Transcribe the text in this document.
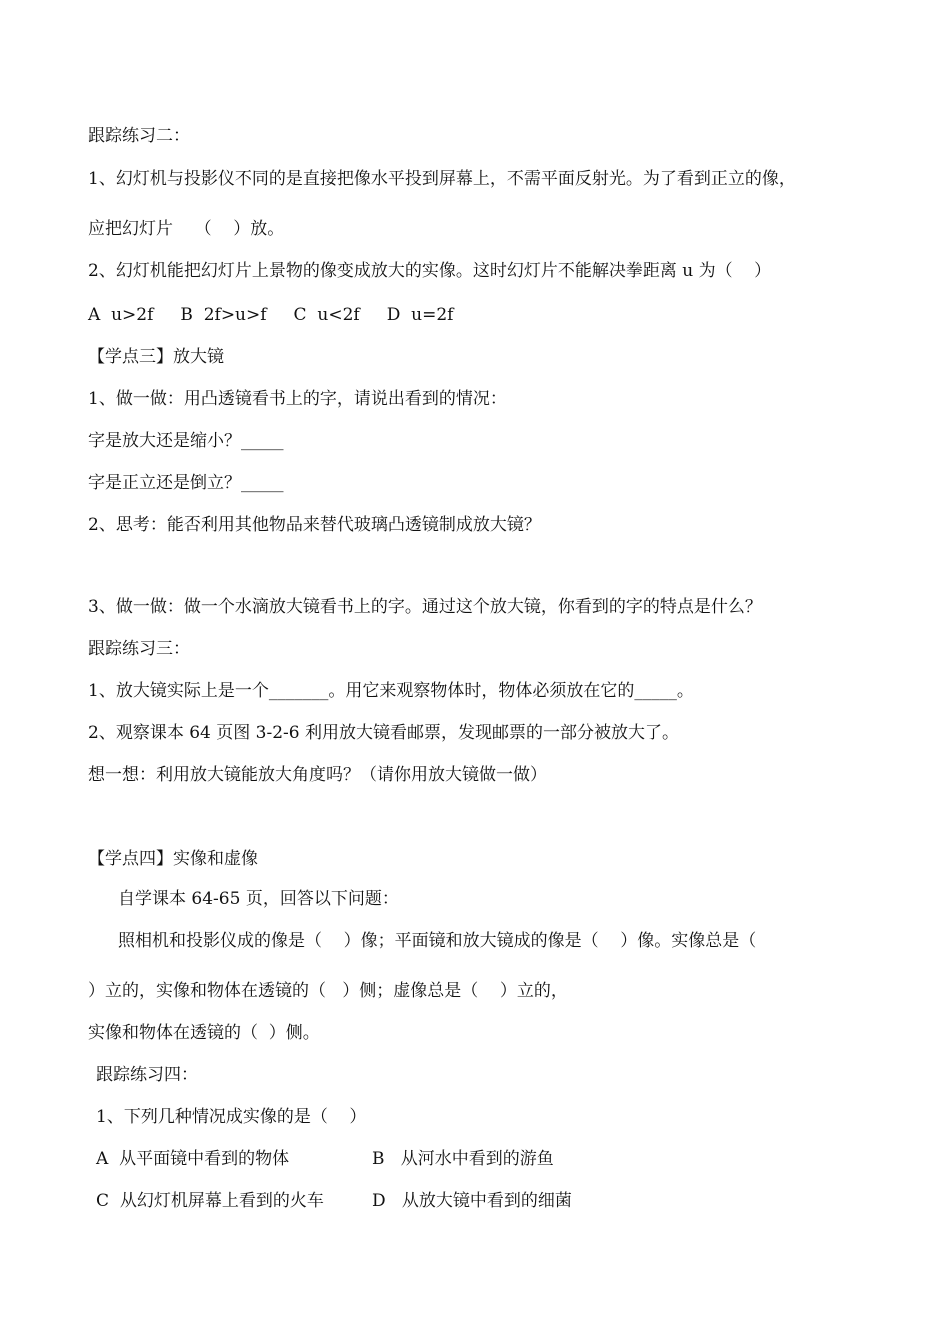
跟踪练习二：
1、幻灯机与投影仪不同的是直接把像水平投到屏幕上，不需平面反射光。为了看到正立的像，
应把幻灯片    （    ）放。
2、幻灯机能把幻灯片上景物的像变成放大的实像。这时幻灯片不能解决拳距离 u 为（    ）
A  u>2f     B  2f>u>f     C  u<2f     D  u=2f
【学点三】放大镜
1、做一做：用凸透镜看书上的字，请说出看到的情况：
字是放大还是缩小？_____
字是正立还是倒立？_____
2、思考：能否利用其他物品来替代玻璃凸透镜制成放大镜？
3、做一做：做一个水滴放大镜看书上的字。通过这个放大镜，你看到的字的特点是什么？
跟踪练习三：
1、放大镜实际上是一个_______。用它来观察物体时，物体必须放在它的_____。
2、观察课本 64 页图 3-2-6 利用放大镜看邮票，发现邮票的一部分被放大了。
想一想：利用放大镜能放大角度吗？（请你用放大镜做一做）
【学点四】实像和虚像
自学课本 64-65 页，回答以下问题：
照相机和投影仪成的像是（    ）像；平面镜和放大镜成的像是（    ）像。实像总是（
）立的，实像和物体在透镜的（   ）侧；虚像总是（    ）立的，
实像和物体在透镜的（  ）侧。
跟踪练习四：
1、下列几种情况成实像的是（    ）
A  从平面镜中看到的物体	B   从河水中看到的游鱼
C  从幻灯机屏幕上看到的火车	D   从放大镜中看到的细菌
